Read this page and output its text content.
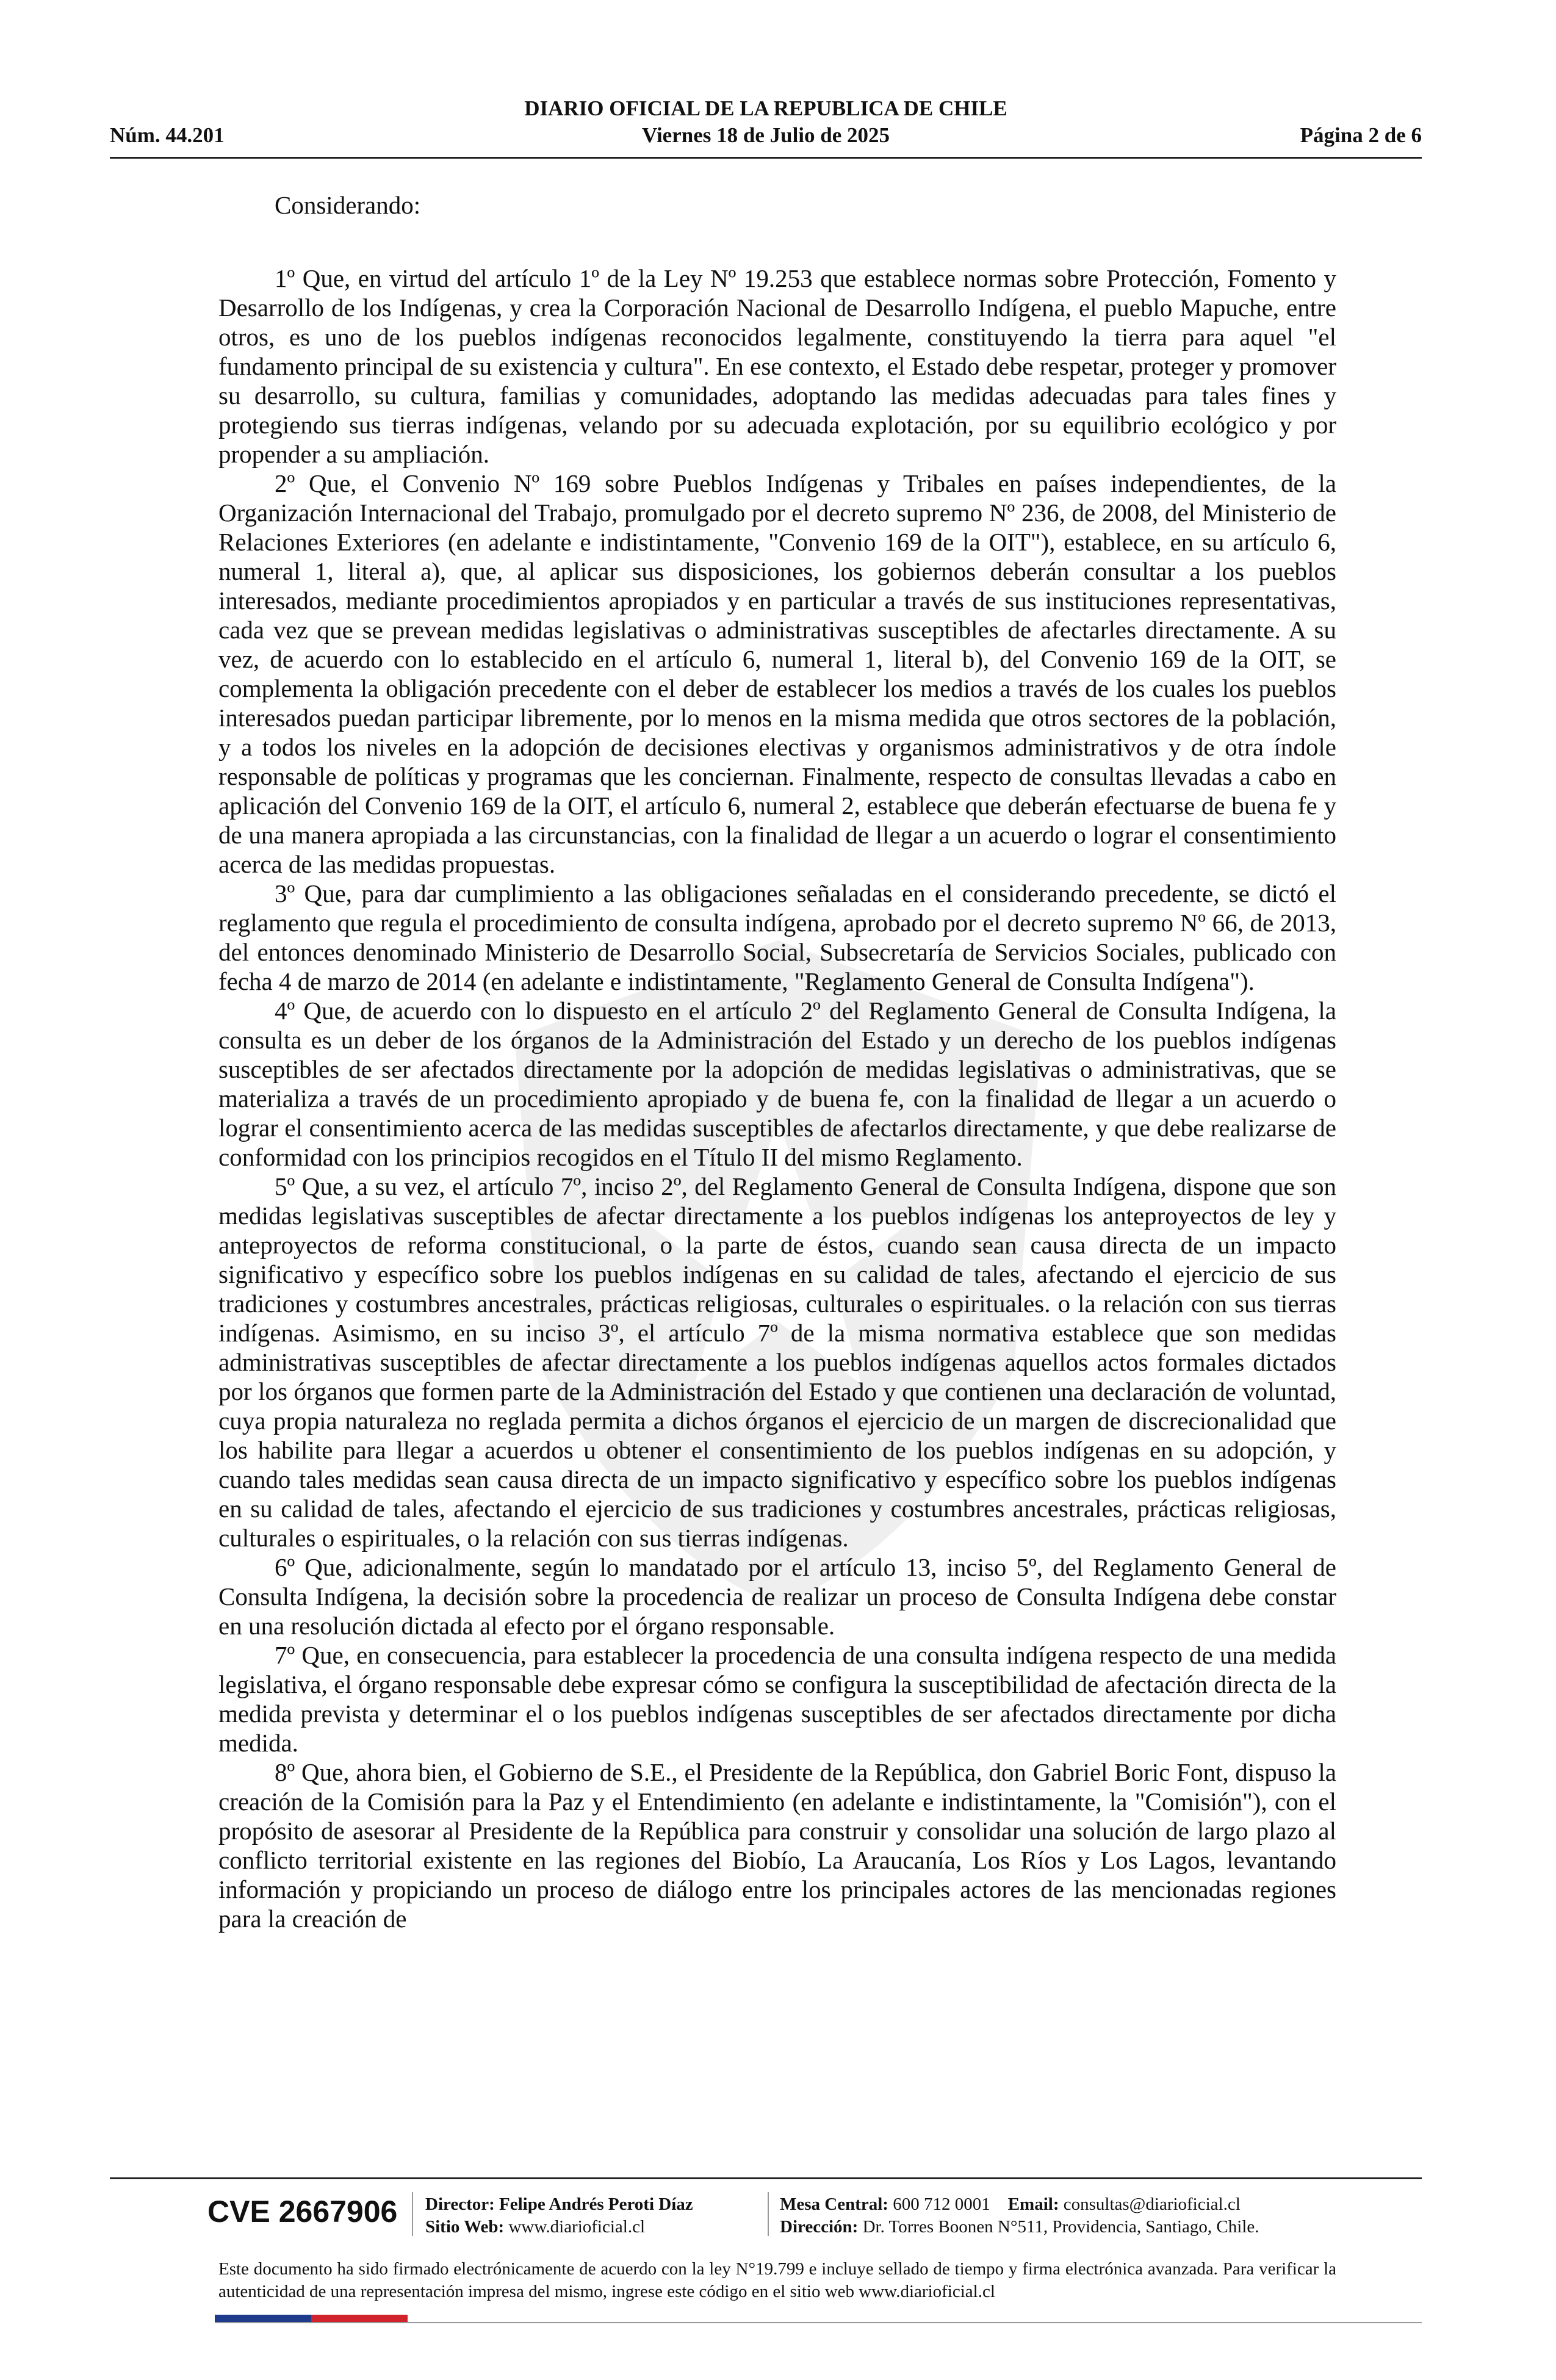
DIARIO OFICIAL DE LA REPUBLICA DE CHILE
Viernes 18 de Julio de 2025
Núm. 44.201	Página 2 de 6
Considerando:

1º Que, en virtud del artículo 1º de la Ley Nº 19.253 que establece normas sobre Protección, Fomento y Desarrollo de los Indígenas, y crea la Corporación Nacional de Desarrollo Indígena, el pueblo Mapuche, entre otros, es uno de los pueblos indígenas reconocidos legalmente, constituyendo la tierra para aquel "el fundamento principal de su existencia y cultura". En ese contexto, el Estado debe respetar, proteger y promover su desarrollo, su cultura, familias y comunidades, adoptando las medidas adecuadas para tales fines y protegiendo sus tierras indígenas, velando por su adecuada explotación, por su equilibrio ecológico y por propender a su ampliación.

2º Que, el Convenio Nº 169 sobre Pueblos Indígenas y Tribales en países independientes, de la Organización Internacional del Trabajo, promulgado por el decreto supremo Nº 236, de 2008, del Ministerio de Relaciones Exteriores (en adelante e indistintamente, "Convenio 169 de la OIT"), establece, en su artículo 6, numeral 1, literal a), que, al aplicar sus disposiciones, los gobiernos deberán consultar a los pueblos interesados, mediante procedimientos apropiados y en particular a través de sus instituciones representativas, cada vez que se prevean medidas legislativas o administrativas susceptibles de afectarles directamente. A su vez, de acuerdo con lo establecido en el artículo 6, numeral 1, literal b), del Convenio 169 de la OIT, se complementa la obligación precedente con el deber de establecer los medios a través de los cuales los pueblos interesados puedan participar libremente, por lo menos en la misma medida que otros sectores de la población, y a todos los niveles en la adopción de decisiones electivas y organismos administrativos y de otra índole responsable de políticas y programas que les conciernan. Finalmente, respecto de consultas llevadas a cabo en aplicación del Convenio 169 de la OIT, el artículo 6, numeral 2, establece que deberán efectuarse de buena fe y de una manera apropiada a las circunstancias, con la finalidad de llegar a un acuerdo o lograr el consentimiento acerca de las medidas propuestas.

3º Que, para dar cumplimiento a las obligaciones señaladas en el considerando precedente, se dictó el reglamento que regula el procedimiento de consulta indígena, aprobado por el decreto supremo Nº 66, de 2013, del entonces denominado Ministerio de Desarrollo Social, Subsecretaría de Servicios Sociales, publicado con fecha 4 de marzo de 2014 (en adelante e indistintamente, "Reglamento General de Consulta Indígena").

4º Que, de acuerdo con lo dispuesto en el artículo 2º del Reglamento General de Consulta Indígena, la consulta es un deber de los órganos de la Administración del Estado y un derecho de los pueblos indígenas susceptibles de ser afectados directamente por la adopción de medidas legislativas o administrativas, que se materializa a través de un procedimiento apropiado y de buena fe, con la finalidad de llegar a un acuerdo o lograr el consentimiento acerca de las medidas susceptibles de afectarlos directamente, y que debe realizarse de conformidad con los principios recogidos en el Título II del mismo Reglamento.

5º Que, a su vez, el artículo 7º, inciso 2º, del Reglamento General de Consulta Indígena, dispone que son medidas legislativas susceptibles de afectar directamente a los pueblos indígenas los anteproyectos de ley y anteproyectos de reforma constitucional, o la parte de éstos, cuando sean causa directa de un impacto significativo y específico sobre los pueblos indígenas en su calidad de tales, afectando el ejercicio de sus tradiciones y costumbres ancestrales, prácticas religiosas, culturales o espirituales. o la relación con sus tierras indígenas. Asimismo, en su inciso 3º, el artículo 7º de la misma normativa establece que son medidas administrativas susceptibles de afectar directamente a los pueblos indígenas aquellos actos formales dictados por los órganos que formen parte de la Administración del Estado y que contienen una declaración de voluntad, cuya propia naturaleza no reglada permita a dichos órganos el ejercicio de un margen de discrecionalidad que los habilite para llegar a acuerdos u obtener el consentimiento de los pueblos indígenas en su adopción, y cuando tales medidas sean causa directa de un impacto significativo y específico sobre los pueblos indígenas en su calidad de tales, afectando el ejercicio de sus tradiciones y costumbres ancestrales, prácticas religiosas, culturales o espirituales, o la relación con sus tierras indígenas.

6º Que, adicionalmente, según lo mandatado por el artículo 13, inciso 5º, del Reglamento General de Consulta Indígena, la decisión sobre la procedencia de realizar un proceso de Consulta Indígena debe constar en una resolución dictada al efecto por el órgano responsable.

7º Que, en consecuencia, para establecer la procedencia de una consulta indígena respecto de una medida legislativa, el órgano responsable debe expresar cómo se configura la susceptibilidad de afectación directa de la medida prevista y determinar el o los pueblos indígenas susceptibles de ser afectados directamente por dicha medida.

8º Que, ahora bien, el Gobierno de S.E., el Presidente de la República, don Gabriel Boric Font, dispuso la creación de la Comisión para la Paz y el Entendimiento (en adelante e indistintamente, la "Comisión"), con el propósito de asesorar al Presidente de la República para construir y consolidar una solución de largo plazo al conflicto territorial existente en las regiones del Biobío, La Araucanía, Los Ríos y Los Lagos, levantando información y propiciando un proceso de diálogo entre los principales actores de las mencionadas regiones para la creación de

CVE 2667906 Director: Felipe Andrés Peroti Díaz
Sitio Web: www.diarioficial.cl
Mesa Central: 600 712 0001 Email: consultas@diarioficial.cl
Dirección: Dr. Torres Boonen N°511, Providencia, Santiago, Chile.
Este documento ha sido firmado electrónicamente de acuerdo con la ley N°19.799 e incluye sellado de tiempo y firma electrónica avanzada. Para verificar la autenticidad de una representación impresa del mismo, ingrese este código en el sitio web www.diarioficial.cl
